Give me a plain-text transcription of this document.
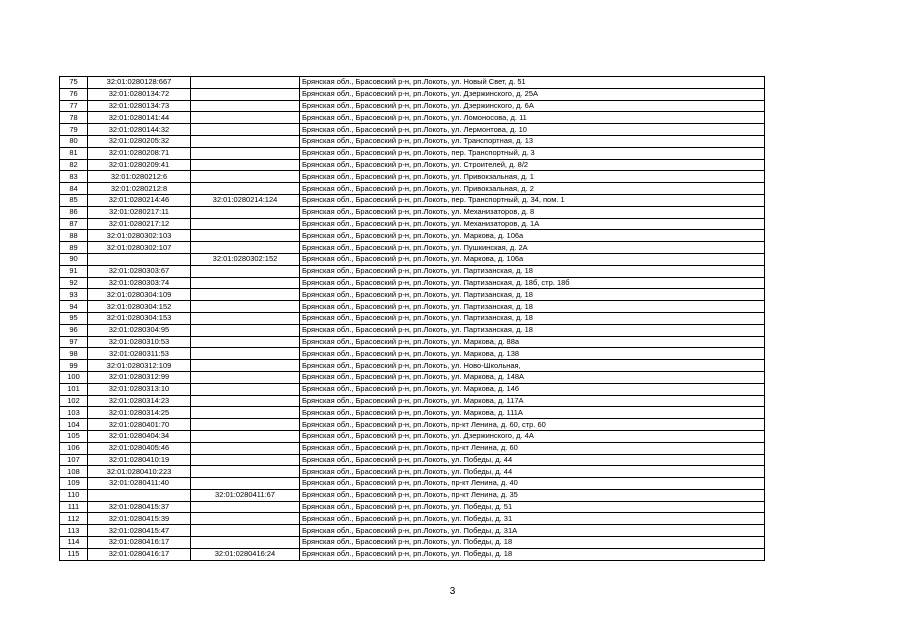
75	32:01:0280128:667		Брянская обл., Брасовский р-н, рп.Локоть, ул. Новый Свет, д. 51
76	32:01:0280134:72		Брянская обл., Брасовский р-н, рп.Локоть, ул. Дзержинского, д. 25А
77	32:01:0280134:73		Брянская обл., Брасовский р-н, рп.Локоть, ул. Дзержинского, д. 6А
78	32:01:0280141:44		Брянская обл., Брасовский р-н, рп.Локоть, ул. Ломоносова, д. 11
79	32:01:0280144:32		Брянская обл., Брасовский р-н, рп.Локоть, ул. Лермонтова, д. 10
80	32:01:0280205:32		Брянская обл., Брасовский р-н, рп.Локоть, ул. Транспортная, д. 13
81	32:01:0280208:71		Брянская обл., Брасовский р-н, рп.Локоть, пер. Транспортный, д. 3
82	32:01:0280209:41		Брянская обл., Брасовский р-н, рп.Локоть, ул. Строителей, д. 8/2
83	32:01:0280212:6		Брянская обл., Брасовский р-н, рп.Локоть, ул. Привокзальная, д. 1
84	32:01:0280212:8		Брянская обл., Брасовский р-н, рп.Локоть, ул. Привокзальная, д. 2
85	32:01:0280214:46	32:01:0280214:124	Брянская обл., Брасовский р-н, рп.Локоть, пер. Транспортный, д. 34, пом. 1
86	32:01:0280217:11		Брянская обл., Брасовский р-н, рп.Локоть, ул. Механизаторов, д. 8
87	32:01:0280217:12		Брянская обл., Брасовский р-н, рп.Локоть, ул. Механизаторов, д. 1А
88	32:01:0280302:103		Брянская обл., Брасовский р-н, рп.Локоть, ул. Маркова, д. 106а
89	32:01:0280302:107		Брянская обл., Брасовский р-н, рп.Локоть, ул. Пушкинская, д. 2А
90		32:01:0280302:152	Брянская обл., Брасовский р-н, рп.Локоть, ул. Маркова, д. 106а
91	32:01:0280303:67		Брянская обл., Брасовский р-н, рп.Локоть, ул. Партизанская, д. 18
92	32:01:0280303:74		Брянская обл., Брасовский р-н, рп.Локоть, ул. Партизанская, д. 18б, стр. 18б
93	32:01:0280304:109		Брянская обл., Брасовский р-н, рп.Локоть, ул. Партизанская, д. 18
94	32:01:0280304:152		Брянская обл., Брасовский р-н, рп.Локоть, ул. Партизанская, д. 18
95	32:01:0280304:153		Брянская обл., Брасовский р-н, рп.Локоть, ул. Партизанская, д. 18
96	32:01:0280304:95		Брянская обл., Брасовский р-н, рп.Локоть, ул. Партизанская, д. 18
97	32:01:0280310:53		Брянская обл., Брасовский р-н, рп.Локоть, ул. Маркова, д. 88а
98	32:01:0280311:53		Брянская обл., Брасовский р-н, рп.Локоть, ул. Маркова, д. 138
99	32:01:0280312:109		Брянская обл., Брасовский р-н, рп.Локоть, ул. Ново-Школьная,
100	32:01:0280312:99		Брянская обл., Брасовский р-н, рп.Локоть, ул. Маркова, д. 148А
101	32:01:0280313:10		Брянская обл., Брасовский р-н, рп.Локоть, ул. Маркова, д. 146
102	32:01:0280314:23		Брянская обл., Брасовский р-н, рп.Локоть, ул. Маркова, д. 117А
103	32:01:0280314:25		Брянская обл., Брасовский р-н, рп.Локоть, ул. Маркова, д. 111А
104	32:01:0280401:70		Брянская обл., Брасовский р-н, рп.Локоть, пр-кт Ленина, д. 60, стр. 60
105	32:01:0280404:34		Брянская обл., Брасовский р-н, рп.Локоть, ул. Дзержинского, д. 4А
106	32:01:0280405:46		Брянская обл., Брасовский р-н, рп.Локоть, пр-кт Ленина, д. 60
107	32:01:0280410:19		Брянская обл., Брасовский р-н, рп.Локоть, ул. Победы, д. 44
108	32:01:0280410:223		Брянская обл., Брасовский р-н, рп.Локоть, ул. Победы, д. 44
109	32:01:0280411:40		Брянская обл., Брасовский р-н, рп.Локоть, пр-кт Ленина, д. 40
110		32:01:0280411:67	Брянская обл., Брасовский р-н, рп.Локоть, пр-кт Ленина, д. 35
111	32:01:0280415:37		Брянская обл., Брасовский р-н, рп.Локоть, ул. Победы, д. 51
112	32:01:0280415:39		Брянская обл., Брасовский р-н, рп.Локоть, ул. Победы, д. 31
113	32:01:0280415:47		Брянская обл., Брасовский р-н, рп.Локоть, ул. Победы, д. 31А
114	32:01:0280416:17		Брянская обл., Брасовский р-н, рп.Локоть, ул. Победы, д. 18
115	32:01:0280416:17	32:01:0280416:24	Брянская обл., Брасовский р-н, рп.Локоть, ул. Победы, д. 18
3
